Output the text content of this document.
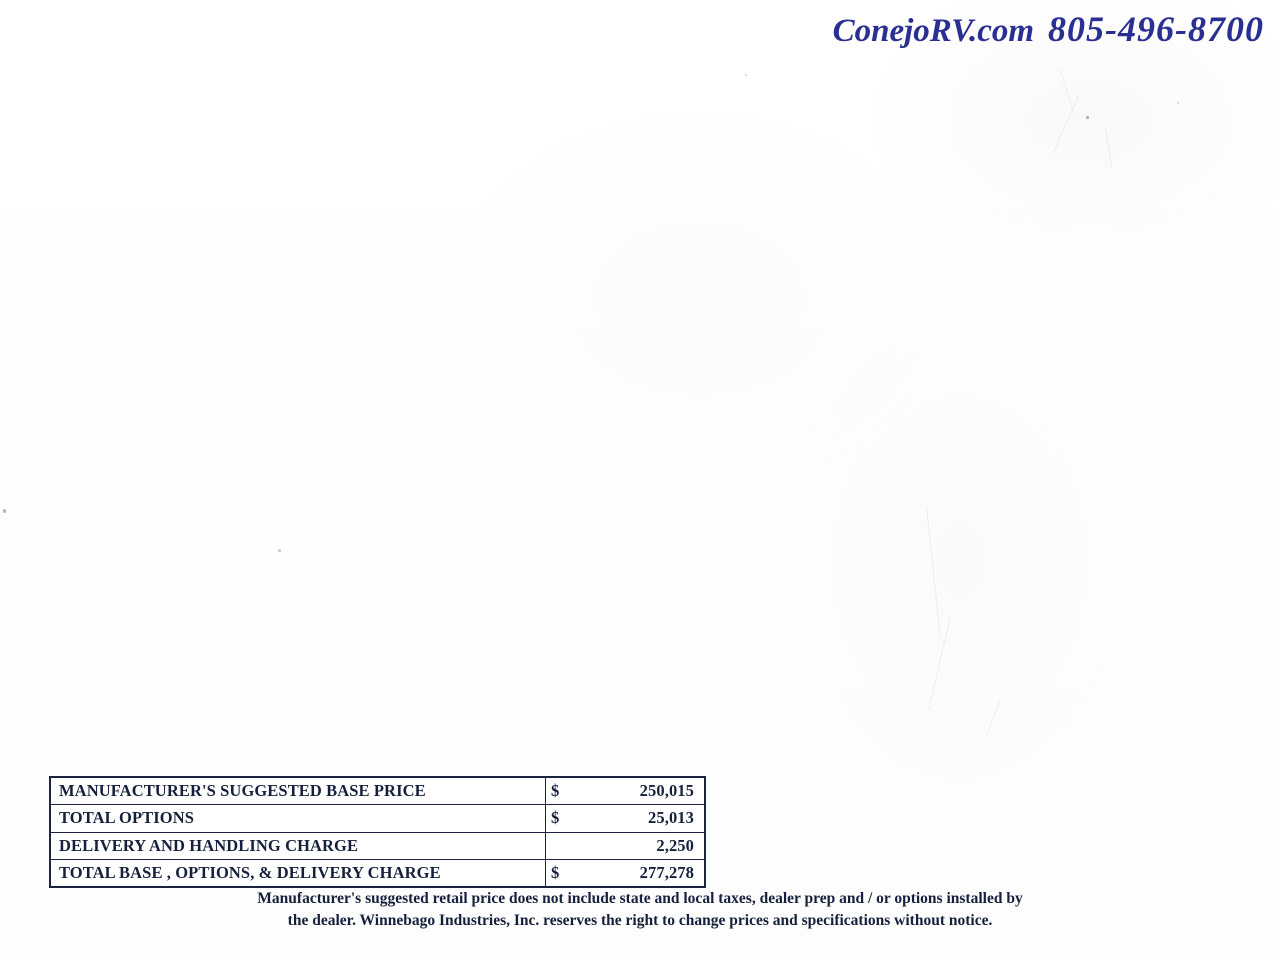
ConejoRV.com 805-496-8700
MANUFACTURER'S SUGGESTED BASE PRICE	$	250,015
TOTAL OPTIONS	$	25,013
DELIVERY AND HANDLING CHARGE		2,250
TOTAL BASE , OPTIONS, & DELIVERY CHARGE	$	277,278
Manufacturer's suggested retail price does not include state and local taxes, dealer prep and / or options installed by
the dealer. Winnebago Industries, Inc. reserves the right to change prices and specifications without notice.
